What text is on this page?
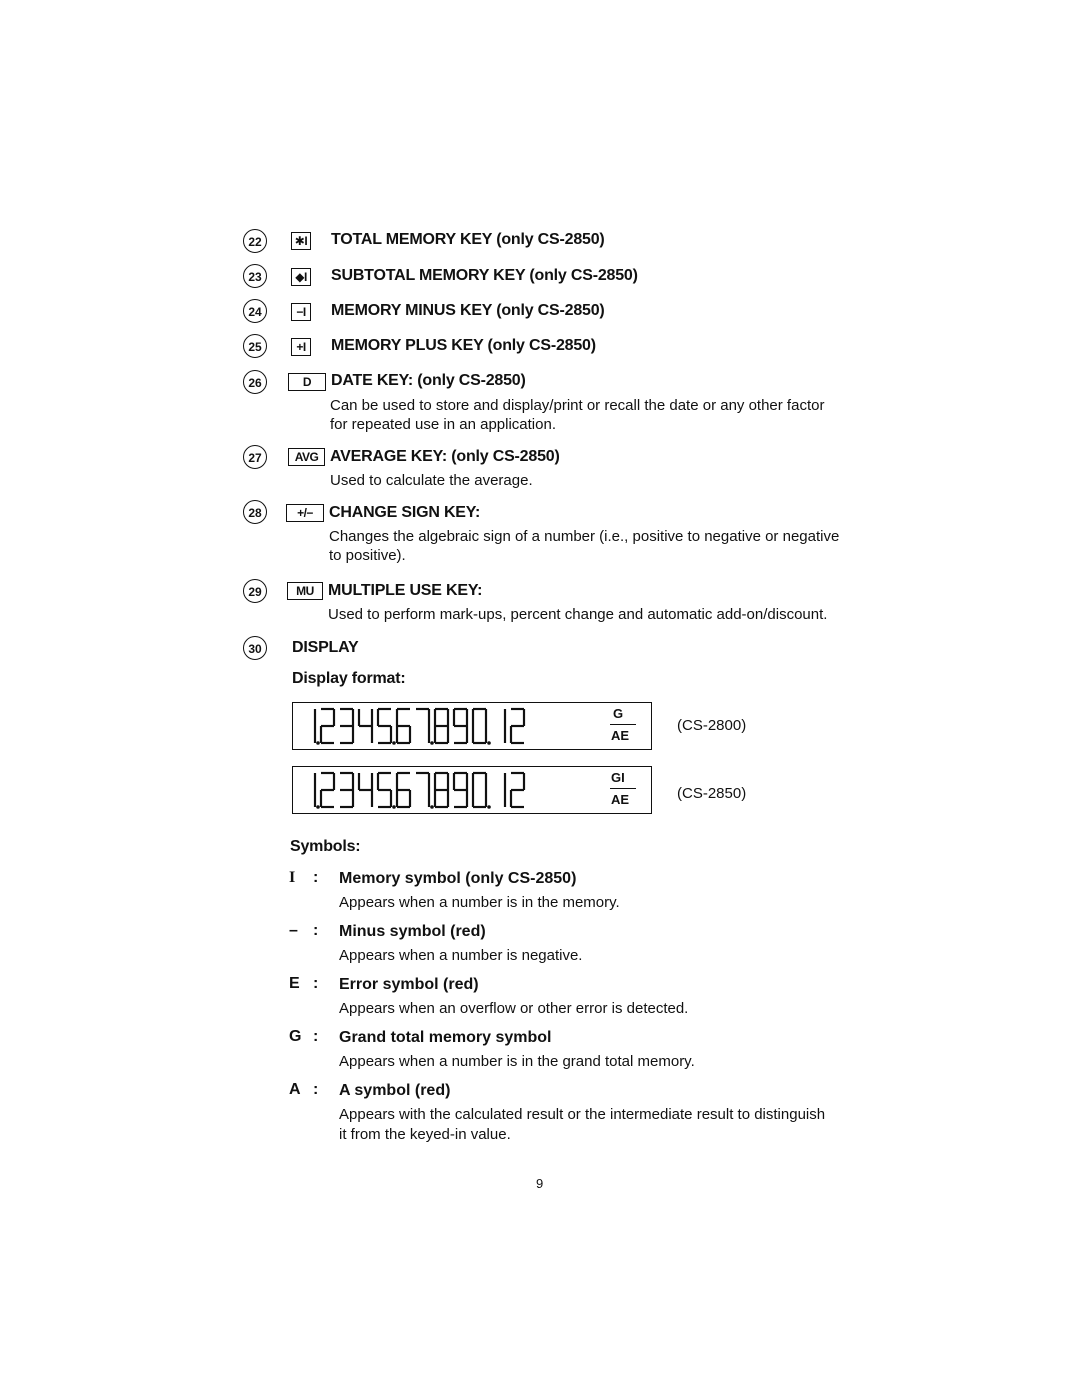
22	✱I TOTAL MEMORY KEY (only CS-2850)
23	◆I SUBTOTAL MEMORY KEY (only CS-2850)
24	−I	MEMORY MINUS KEY (only CS-2850)
25	+I	MEMORY PLUS KEY (only CS-2850)
26	D	DATE KEY: (only CS-2850)
Can be used to store and display/print or recall the date or any other factor
for repeated use in an application.
27	AVG AVERAGE KEY: (only CS-2850)
Used to calculate the average.
28	+/−	CHANGE SIGN KEY:
Changes the algebraic sign of a number (i.e., positive to negative or negative
to positive).
29	MU MULTIPLE USE KEY:
Used to perform mark-ups, percent change and automatic add-on/discount.
30	DISPLAY
Display format:
G
AE
(CS-2800)
GI
AE	(CS-2850)
Symbols:
I : Memory symbol (only CS-2850)
Appears when a number is in the memory.
– : Minus symbol (red)
Appears when a number is negative.
E : Error symbol (red)
Appears when an overflow or other error is detected.
G : Grand total memory symbol
Appears when a number is in the grand total memory.
A : A symbol (red)
Appears with the calculated result or the intermediate result to distinguish
it from the keyed-in value.
9
